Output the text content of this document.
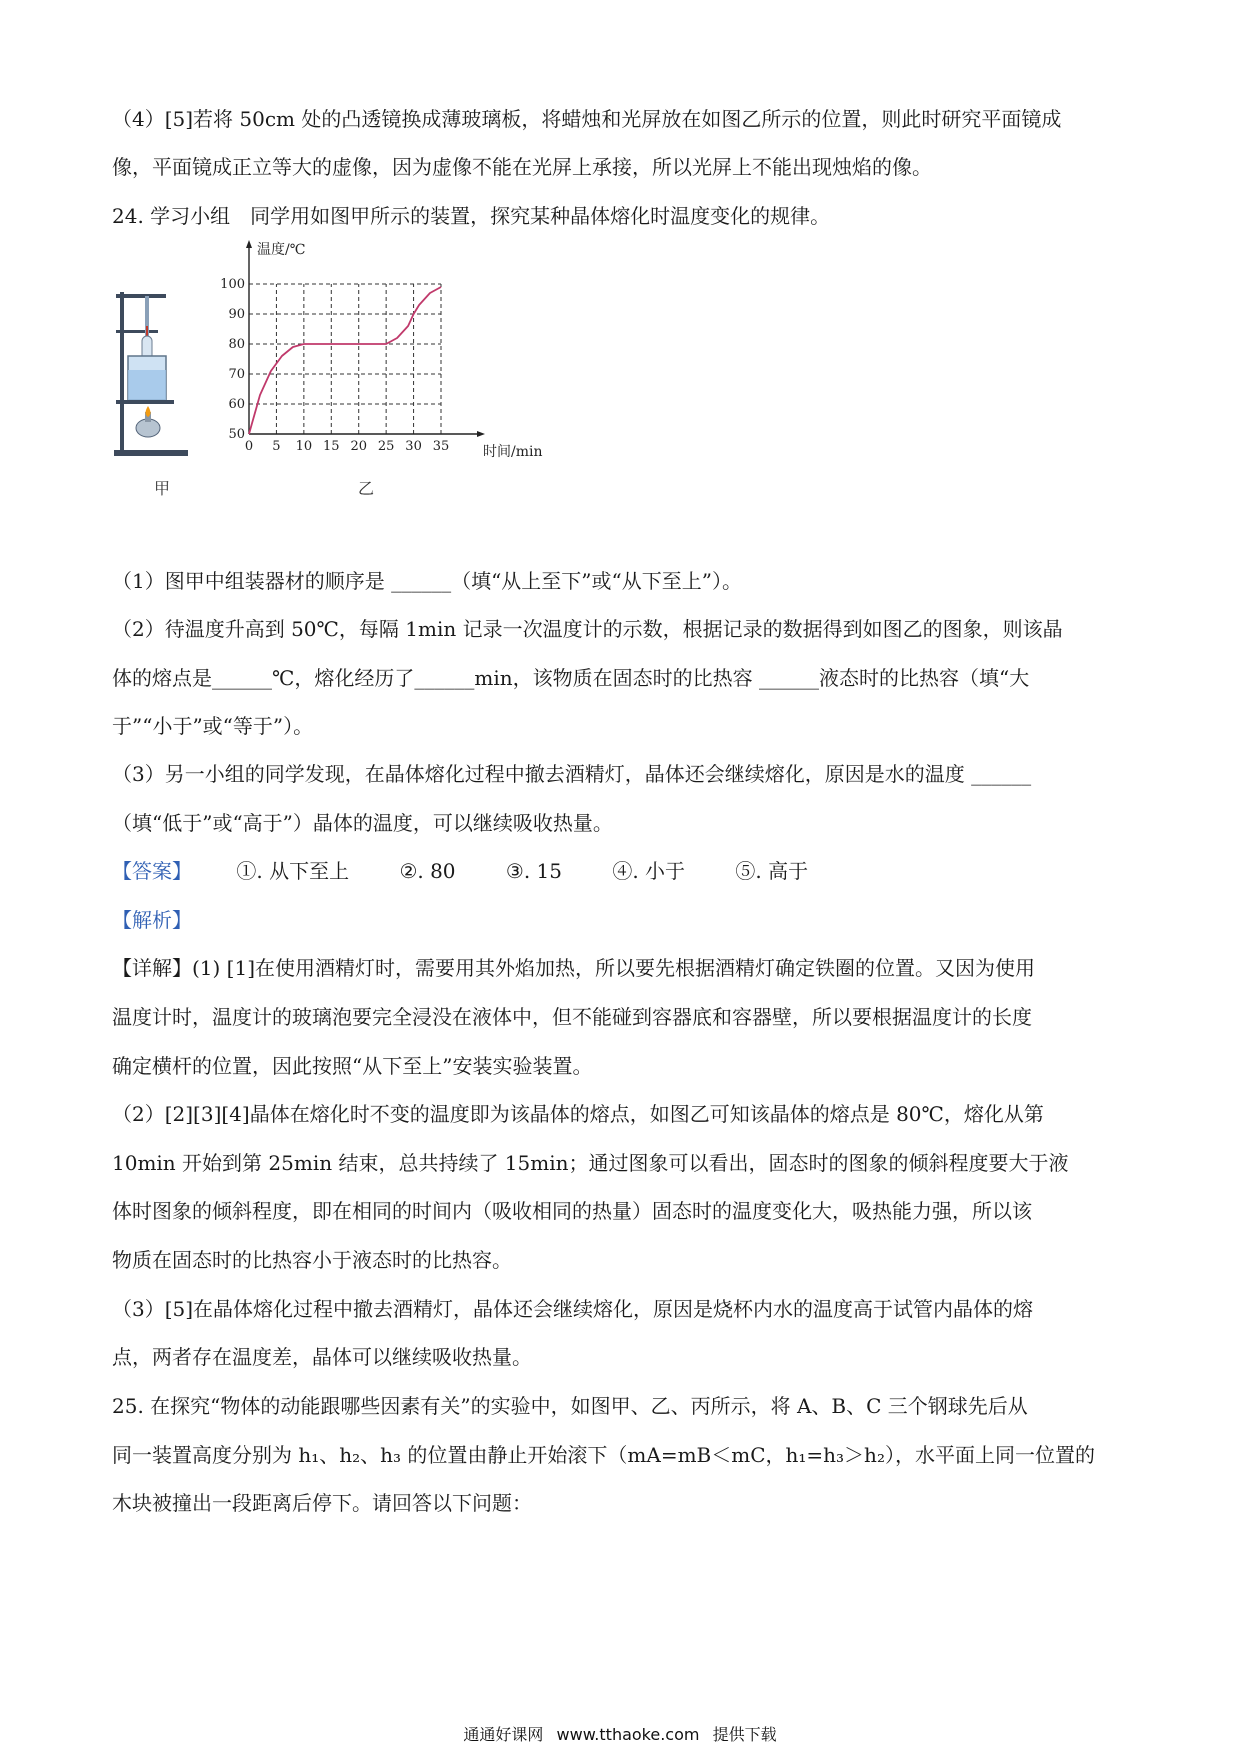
（4）[5]若将 50cm 处的凸透镜换成薄玻璃板，将蜡烛和光屏放在如图乙所示的位置，则此时研究平面镜成
像，平面镜成正立等大的虚像，因为虚像不能在光屏上承接，所以光屏上不能出现烛焰的像。
24. 学习小组　同学用如图甲所示的装置，探究某种晶体熔化时温度变化的规律。
甲
0 5 10 15 20 25 30 35
50
60
70
80
90
100
温度/℃
时间/min
乙
（1）图甲中组装器材的顺序是 ______（填“从上至下”或“从下至上”）。
（2）待温度升高到 50℃，每隔 1min 记录一次温度计的示数，根据记录的数据得到如图乙的图象，则该晶
体的熔点是______℃，熔化经历了______min，该物质在固态时的比热容 ______液态时的比热容（填“大
于”“小于”或“等于”）。
（3）另一小组的同学发现，在晶体熔化过程中撤去酒精灯，晶体还会继续熔化，原因是水的温度 ______
（填“低于”或“高于”）晶体的温度，可以继续吸收热量。
【答案】 ①. 从下至上	②. 80	③. 15	④. 小于	⑤. 高于
【解析】
【详解】(1) [1]在使用酒精灯时，需要用其外焰加热，所以要先根据酒精灯确定铁圈的位置。又因为使用
温度计时，温度计的玻璃泡要完全浸没在液体中，但不能碰到容器底和容器壁，所以要根据温度计的长度
确定横杆的位置，因此按照“从下至上”安装实验装置。
（2）[2][3][4]晶体在熔化时不变的温度即为该晶体的熔点，如图乙可知该晶体的熔点是 80℃，熔化从第
10min 开始到第 25min 结束，总共持续了 15min；通过图象可以看出，固态时的图象的倾斜程度要大于液
体时图象的倾斜程度，即在相同的时间内（吸收相同的热量）固态时的温度变化大，吸热能力强，所以该
物质在固态时的比热容小于液态时的比热容。
（3）[5]在晶体熔化过程中撤去酒精灯，晶体还会继续熔化，原因是烧杯内水的温度高于试管内晶体的熔
点，两者存在温度差，晶体可以继续吸收热量。
25. 在探究“物体的动能跟哪些因素有关”的实验中，如图甲、乙、丙所示，将 A、B、C 三个钢球先后从
同一装置高度分别为 h₁、h₂、h₃ 的位置由静止开始滚下（mA=mB＜mC，h₁=h₃＞h₂），水平面上同一位置的
木块被撞出一段距离后停下。请回答以下问题：
通通好课网 www.tthaoke.com 提供下载
